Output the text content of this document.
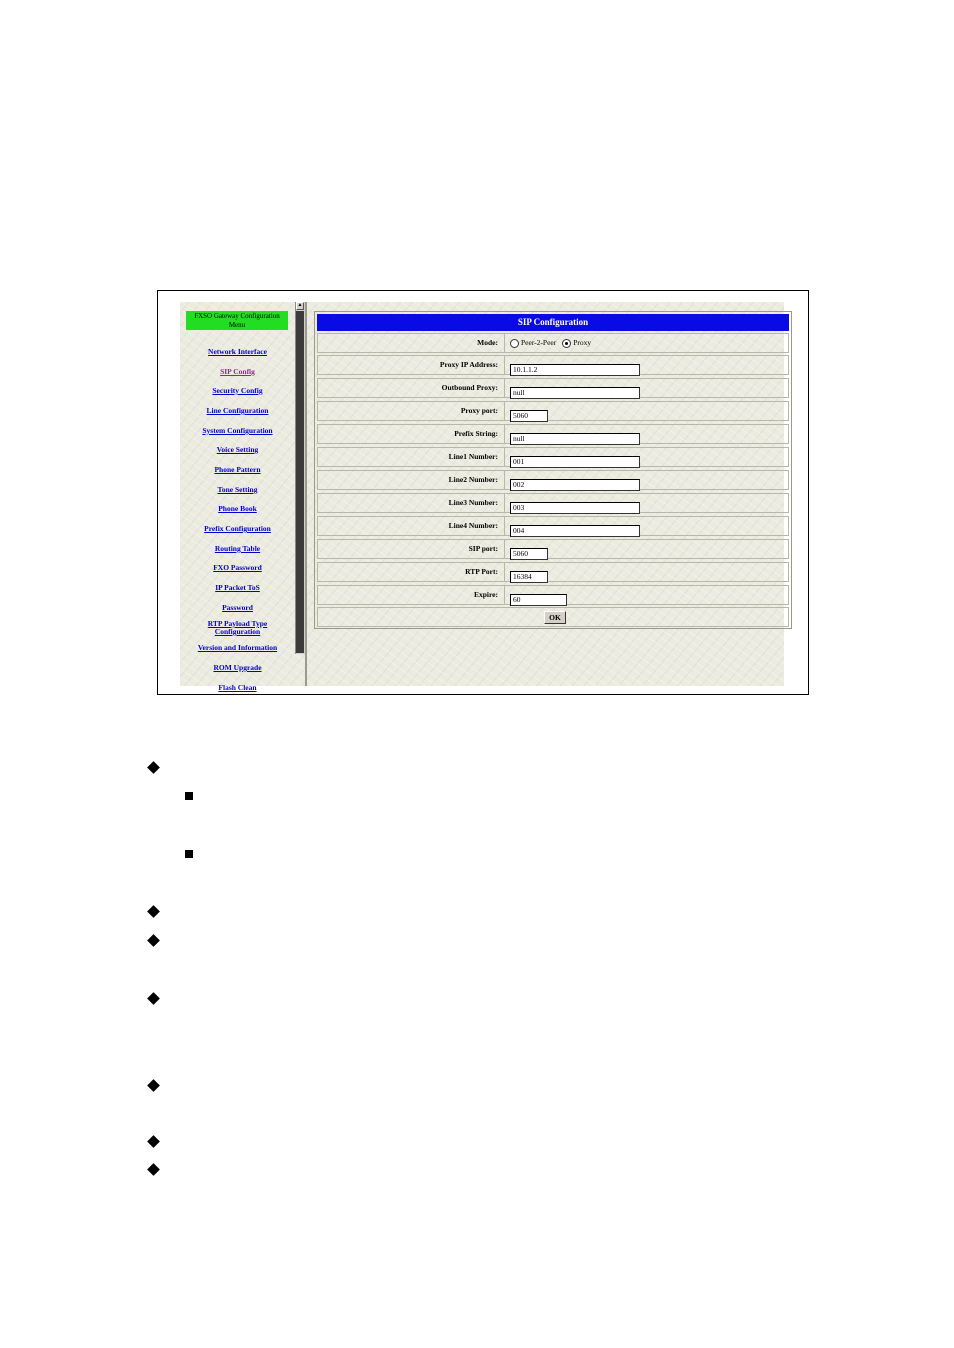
FXSO Gateway Configuration Menu
Network Interface
SIP Config
Security Config
Line Configuration
System Configuration
Voice Setting
Phone Pattern
Tone Setting
Phone Book
Prefix Configuration
Routing Table
FXO Password
IP Packet ToS
Password
RTP Payload Type Configuration
Version and Information
ROM Upgrade
Flash Clean
▲
SIP Configuration
Mode:	Peer-2-Peer	Proxy
Proxy IP Address:
10.1.1.2
Outbound Proxy:
null
Proxy port:
5060
Prefix String:
null
Line1 Number:
001
Line2 Number:
002
Line3 Number:
003
Line4 Number:
004
SIP port:
5060
RTP Port:
16384
Expire:
60
OK
